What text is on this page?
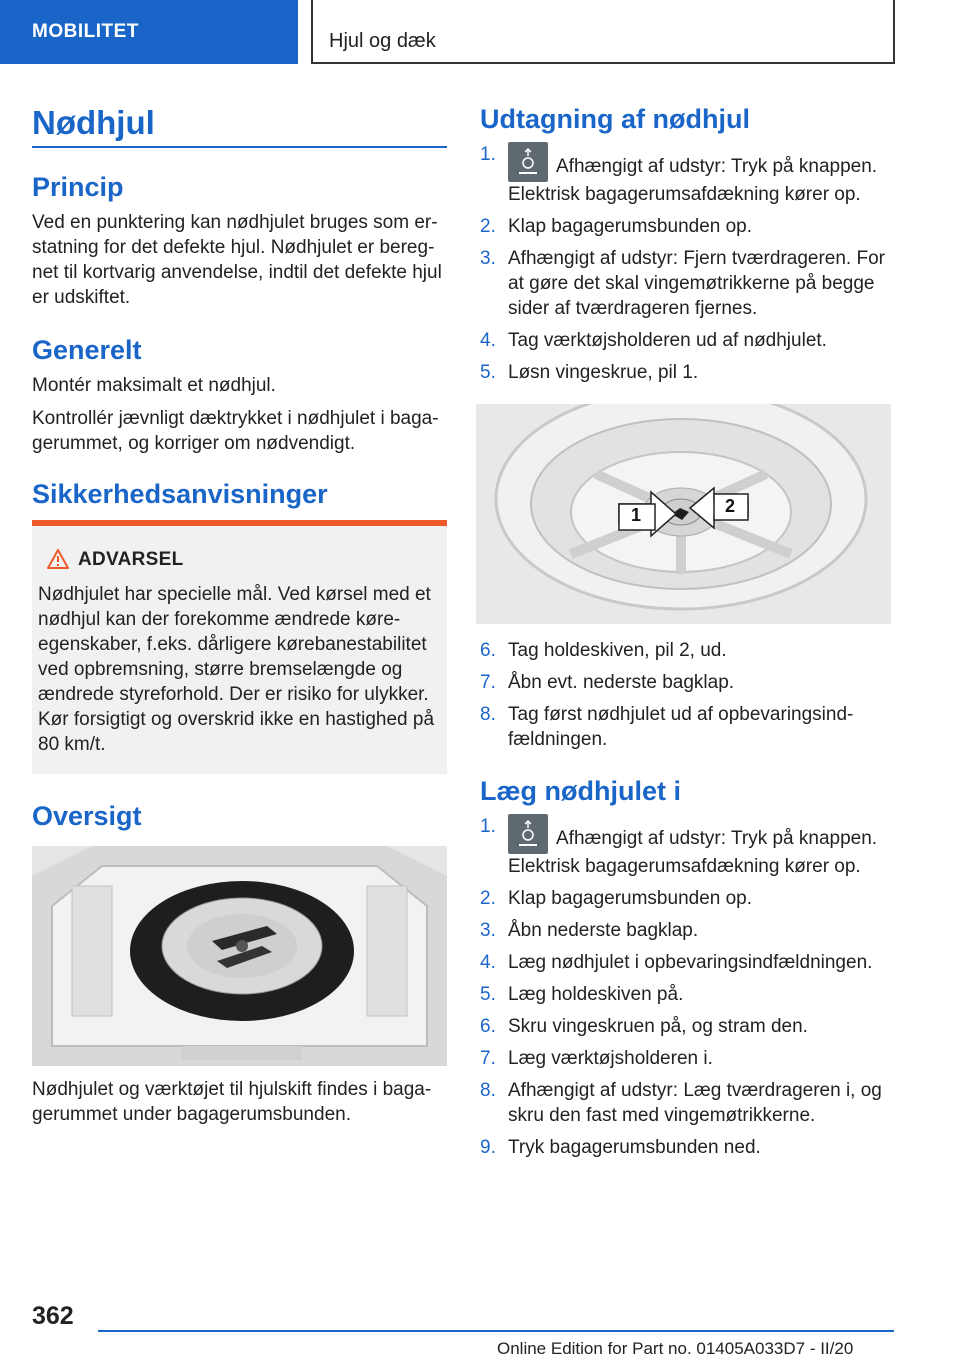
MOBILITET	Hjul og dæk
Nødhjul
Princip
Ved en punktering kan nødhjulet bruges som er-
statning for det defekte hjul. Nødhjulet er bereg-
net til kortvarig anvendelse, indtil det defekte hjul
er udskiftet.
Generelt
Montér maksimalt et nødhjul.
Kontrollér jævnligt dæktrykket i nødhjulet i baga-
gerummet, og korriger om nødvendigt.
Sikkerhedsanvisninger
ADVARSEL
Nødhjulet har specielle mål. Ved kørsel med et
nødhjul kan der forekomme ændrede køre-
egenskaber, f.eks. dårligere kørebanestabilitet
ved opbremsning, større bremselængde og
ændrede styreforhold. Der er risiko for ulykker.
Kør forsigtigt og overskrid ikke en hastighed på
80 km/t.
Oversigt
Nødhjulet og værktøjet til hjulskift findes i baga-
gerummet under bagagerumsbunden.
Udtagning af nødhjul
1.
Afhængigt af udstyr: Tryk på knappen.
Elektrisk bagagerumsafdækning kører op.
2. Klap bagagerumsbunden op.
3. Afhængigt af udstyr: Fjern tværdrageren. For
at gøre det skal vingemøtrikkerne på begge
sider af tværdrageren fjernes.
4. Tag værktøjsholderen ud af nødhjulet.
5. Løsn vingeskrue, pil 1.
1	2
6. Tag holdeskiven, pil 2, ud.
7. Åbn evt. nederste bagklap.
8. Tag først nødhjulet ud af opbevaringsind-
fældningen.
Læg nødhjulet i
1.
Afhængigt af udstyr: Tryk på knappen.
Elektrisk bagagerumsafdækning kører op.
2. Klap bagagerumsbunden op.
3. Åbn nederste bagklap.
4. Læg nødhjulet i opbevaringsindfældningen.
5. Læg holdeskiven på.
6. Skru vingeskruen på, og stram den.
7. Læg værktøjsholderen i.
8. Afhængigt af udstyr: Læg tværdrageren i, og
skru den fast med vingemøtrikkerne.
9. Tryk bagagerumsbunden ned.
362
Online Edition for Part no. 01405A033D7 - II/20
